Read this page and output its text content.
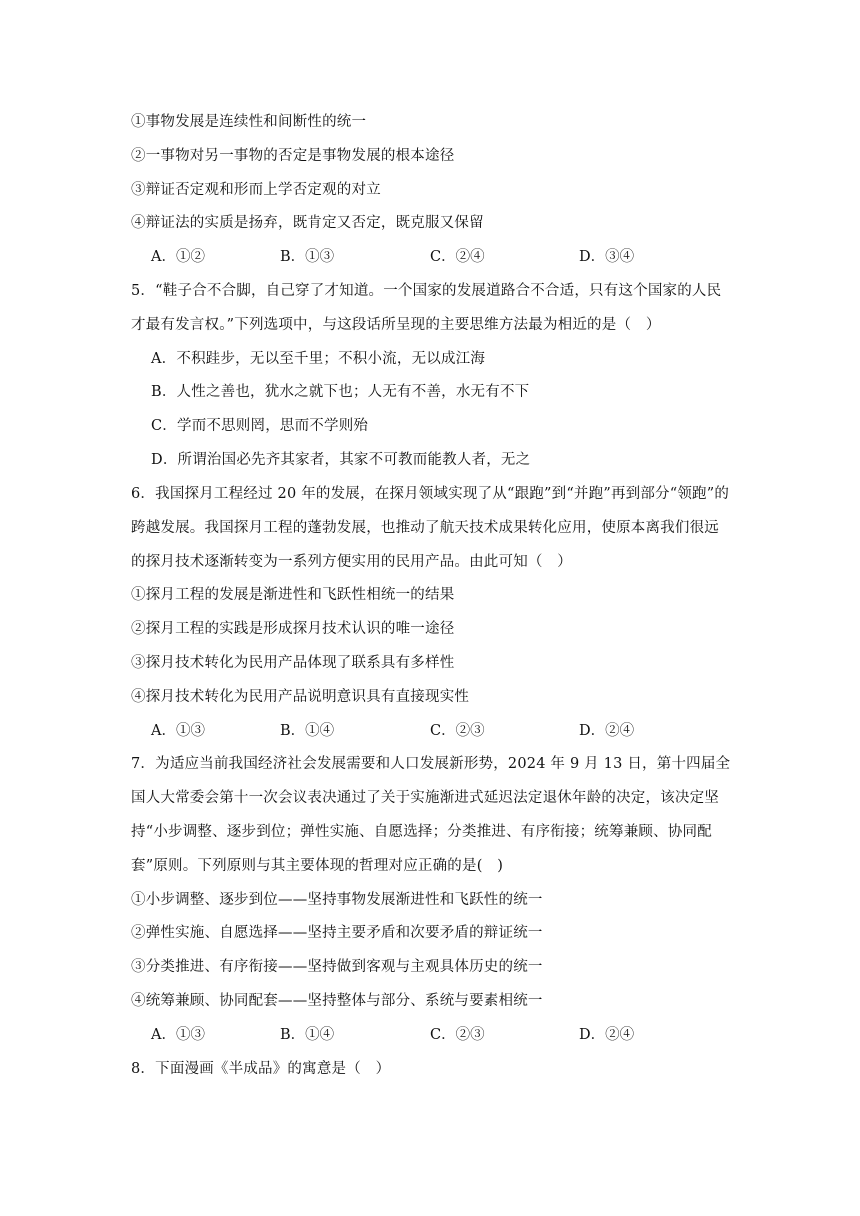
①事物发展是连续性和间断性的统一
②一事物对另一事物的否定是事物发展的根本途径
③辩证否定观和形而上学否定观的对立
④辩证法的实质是扬弃，既肯定又否定，既克服又保留
A．①②	B．①③	C．②④	D．③④
5．“鞋子合不合脚，自己穿了才知道。一个国家的发展道路合不合适，只有这个国家的人民
才最有发言权。”下列选项中，与这段话所呈现的主要思维方法最为相近的是（　）
A．不积跬步，无以至千里；不积小流，无以成江海
B．人性之善也，犹水之就下也；人无有不善，水无有不下
C．学而不思则罔，思而不学则殆
D．所谓治国必先齐其家者，其家不可教而能教人者，无之
6．我国探月工程经过 20 年的发展，在探月领域实现了从“跟跑”到“并跑”再到部分“领跑”的
跨越发展。我国探月工程的蓬勃发展，也推动了航天技术成果转化应用，使原本离我们很远
的探月技术逐渐转变为一系列方便实用的民用产品。由此可知（　）
①探月工程的发展是渐进性和飞跃性相统一的结果
②探月工程的实践是形成探月技术认识的唯一途径
③探月技术转化为民用产品体现了联系具有多样性
④探月技术转化为民用产品说明意识具有直接现实性
A．①③	B．①④	C．②③	D．②④
7．为适应当前我国经济社会发展需要和人口发展新形势，2024 年 9 月 13 日，第十四届全
国人大常委会第十一次会议表决通过了关于实施渐进式延迟法定退休年龄的决定，该决定坚
持“小步调整、逐步到位；弹性实施、自愿选择；分类推进、有序衔接；统筹兼顾、协同配
套”原则。下列原则与其主要体现的哲理对应正确的是(　)
①小步调整、逐步到位——坚持事物发展渐进性和飞跃性的统一
②弹性实施、自愿选择——坚持主要矛盾和次要矛盾的辩证统一
③分类推进、有序衔接——坚持做到客观与主观具体历史的统一
④统筹兼顾、协同配套——坚持整体与部分、系统与要素相统一
A．①③	B．①④	C．②③	D．②④
8．下面漫画《半成品》的寓意是（　）
